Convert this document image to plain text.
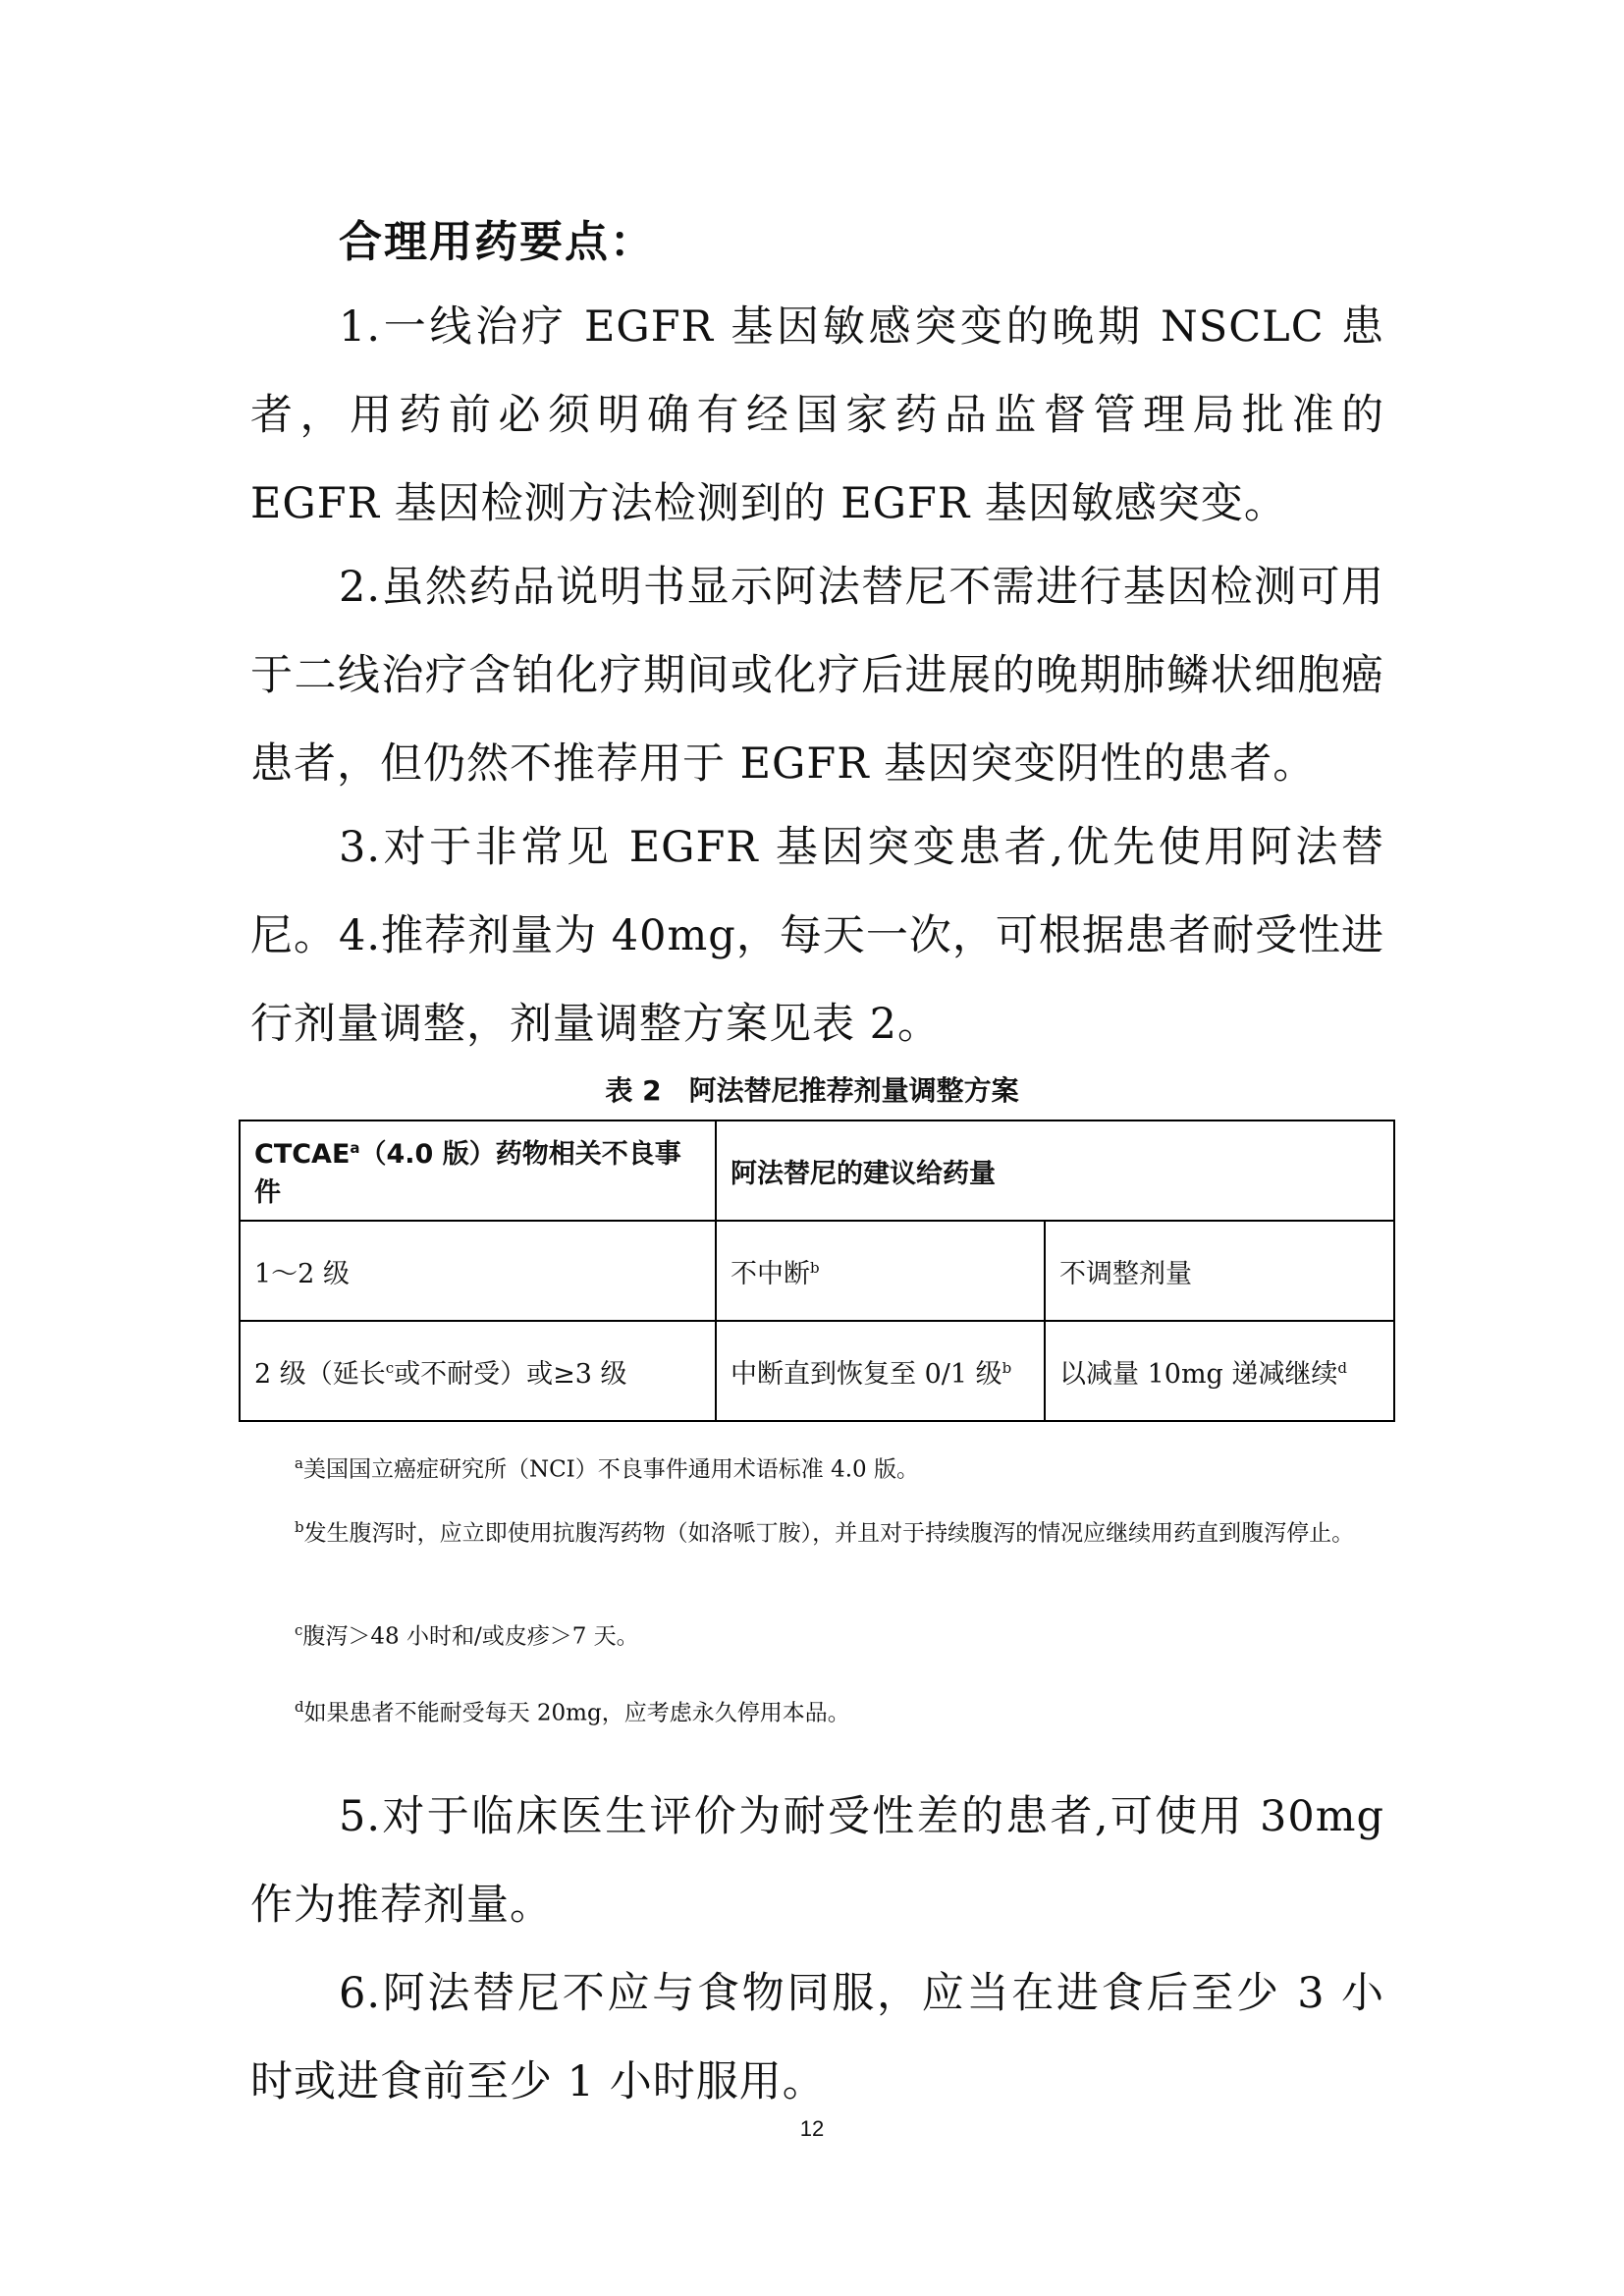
合理用药要点：

1.一线治疗 EGFR 基因敏感突变的晚期 NSCLC 患者，用药前必须明确有经国家药品监督管理局批准的 EGFR 基因检测方法检测到的 EGFR 基因敏感突变。

2.虽然药品说明书显示阿法替尼不需进行基因检测可用于二线治疗含铂化疗期间或化疗后进展的晚期肺鳞状细胞癌患者，但仍然不推荐用于 EGFR 基因突变阴性的患者。

3.对于非常见 EGFR 基因突变患者,优先使用阿法替尼。 4.推荐剂量为 40mg，每天一次，可根据患者耐受性进行剂量调整，剂量调整方案见表 2。

表 2　阿法替尼推荐剂量调整方案
CTCAE$^a$（4.0 版）药物相关不良事件	阿法替尼的建议给药量	
1～2 级	不中断$^b$	不调整剂量
2 级（延长$^c$或不耐受）或≥3 级	中断直到恢复至 0/1 级$^b$	以减量 10mg 递减继续$^d$
$^a$美国国立癌症研究所（NCI）不良事件通用术语标准 4.0 版。
$^b$发生腹泻时，应立即使用抗腹泻药物（如洛哌丁胺），并且对于持续腹泻的情况应继续用药直到腹泻停止。
$^c$腹泻＞48 小时和/或皮疹＞7 天。
$^d$如果患者不能耐受每天 20mg，应考虑永久停用本品。

5.对于临床医生评价为耐受性差的患者,可使用 30mg 作为推荐剂量。

6.阿法替尼不应与食物同服，应当在进食后至少 3 小时或进食前至少 1 小时服用。

12
